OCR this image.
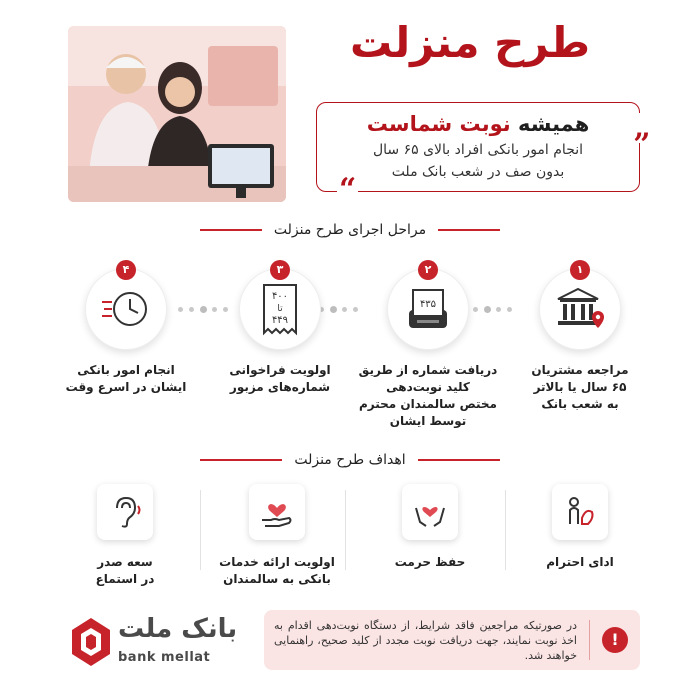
طرح منزلت
„
همیشه نوبت شماست
انجام امور بانکی افراد بالای ۶۵ سال
بدون صف در شعب بانک ملت
“
مراحل اجرای طرح منزلت
۱
مراجعه مشتریان
۶۵ سال یا بالاتر
به شعب بانک
۲
۴۳۵
دریافت شماره از طریق
کلید نوبت‌دهی
مختص سالمندان محترم
توسط ایشان
۳
۴۰۰
تا
۴۴۹
اولویت فراخوانی
شماره‌های مزبور
۴
انجام امور بانکی
ایشان در اسرع وقت
اهداف طرح منزلت
ادای احترام
حفظ حرمت
اولویت ارائه خدمات
بانکی به سالمندان
سعه صدر
در استماع
بانک ملت
bank mellat
!
در صورتیکه مراجعین فاقد شرایط، از دستگاه نوبت‌دهی اقدام به اخذ نوبت نمایند، جهت دریافت نوبت مجدد از کلید صحیح، راهنمایی خواهند شد.
